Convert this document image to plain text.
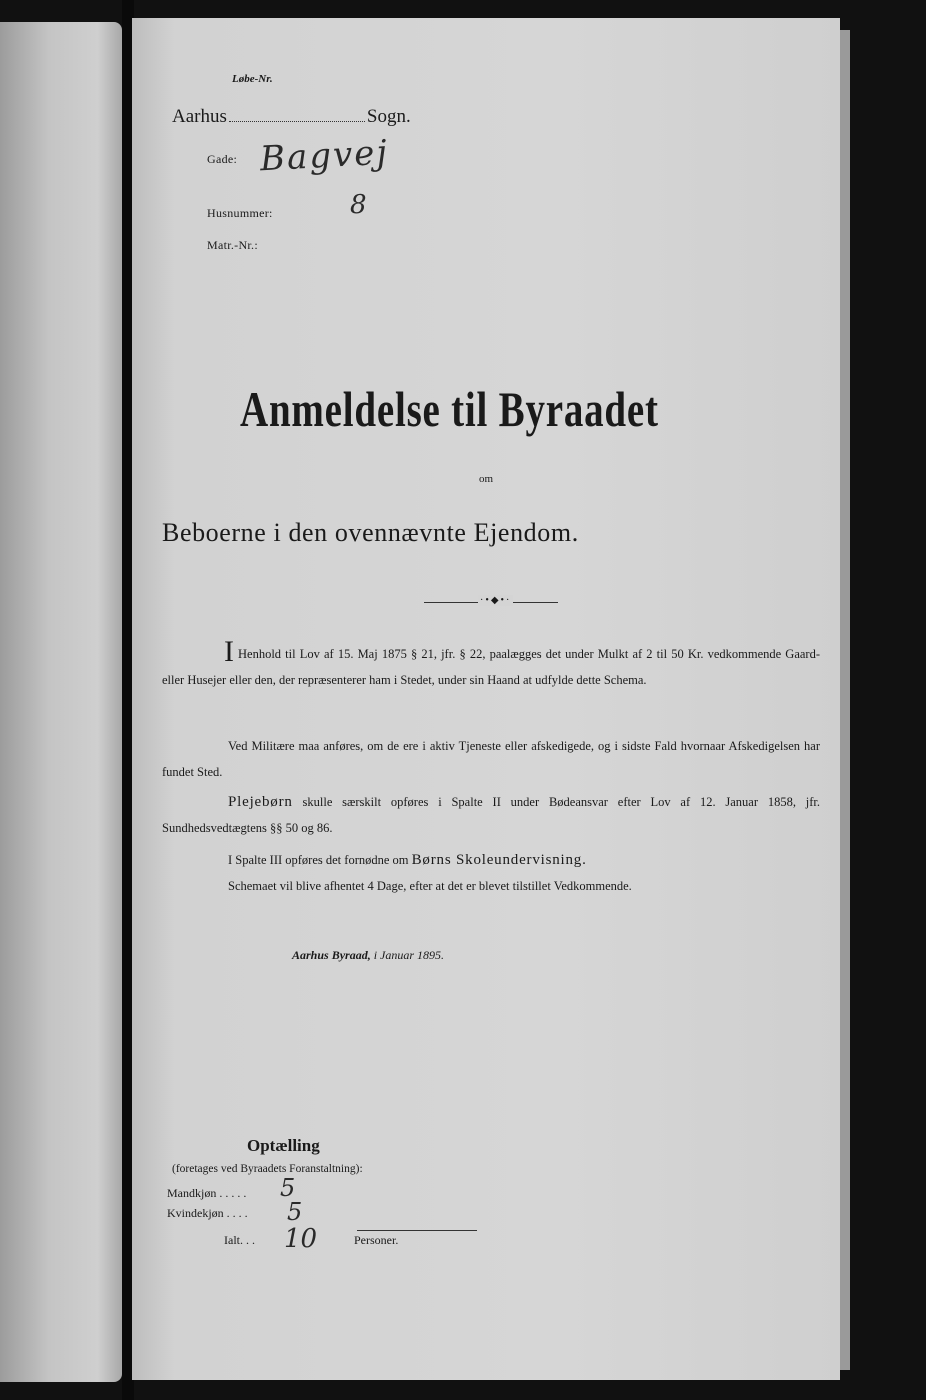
Løbe-Nr.
Aarhus	Sogn.
Gade: Bagvej
Husnummer:	8
Matr.-Nr.:
Anmeldelse til Byraadet
om
Beboerne i den ovennævnte Ejendom.
·•◆•·
I Henhold til Lov af 15. Maj 1875 § 21, jfr. § 22, paalægges det under Mulkt af 2 til 50 Kr. vedkommende Gaard- eller Husejer eller den, der repræsenterer ham i Stedet, under sin Haand at udfylde dette Schema.
Ved Militære maa anføres, om de ere i aktiv Tjeneste eller afskedigede, og i sidste Fald hvornaar Afskedigelsen har fundet Sted.
Plejebørn skulle særskilt opføres i Spalte II under Bødeansvar efter Lov af 12. Januar 1858, jfr. Sundhedsvedtægtens §§ 50 og 86.
I Spalte III opføres det fornødne om Børns Skoleundervisning.
Schemaet vil blive afhentet 4 Dage, efter at det er blevet tilstillet Vedkommende.
Aarhus Byraad, i Januar 1895.
Optælling
(foretages ved Byraadets Foranstaltning):
Mandkjøn . . . . . 5
Kvindekjøn . . . . 5
Ialt. . . 10	Personer.
